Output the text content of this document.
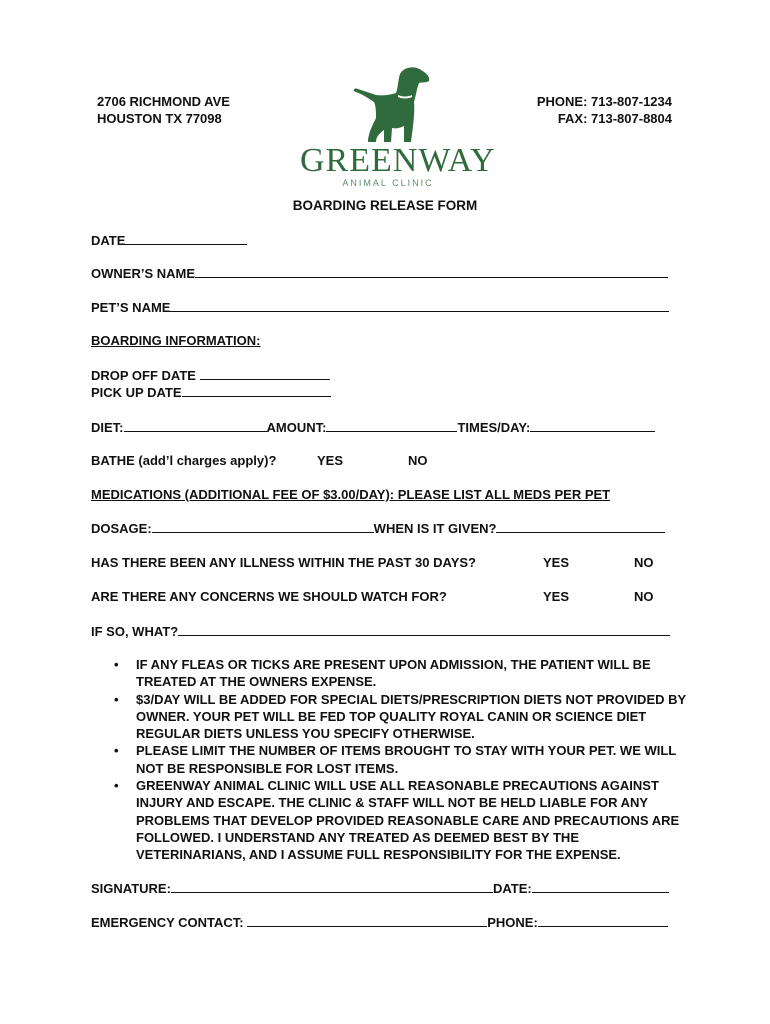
2706 RICHMOND AVE
HOUSTON TX 77098
PHONE: 713-807-1234
FAX: 713-807-8804
GREENWAY
ANIMAL CLINIC
BOARDING RELEASE FORM
DATE
OWNER’S NAME
PET’S NAME
BOARDING INFORMATION:
DROP OFF DATE
PICK UP DATE
DIET:	AMOUNT:	TIMES/DAY:
BATHE (add’l charges apply)?	YES	NO
MEDICATIONS (ADDITIONAL FEE OF $3.00/DAY): PLEASE LIST ALL MEDS PER PET
DOSAGE:	WHEN IS IT GIVEN?
HAS THERE BEEN ANY ILLNESS WITHIN THE PAST 30 DAYS?	YES	NO
ARE THERE ANY CONCERNS WE SHOULD WATCH FOR?	YES	NO
IF SO, WHAT?
• IF ANY FLEAS OR TICKS ARE PRESENT UPON ADMISSION, THE PATIENT WILL BE TREATED AT THE OWNERS EXPENSE.
• $3/DAY WILL BE ADDED FOR SPECIAL DIETS/PRESCRIPTION DIETS NOT PROVIDED BY OWNER. YOUR PET WILL BE FED TOP QUALITY ROYAL CANIN OR SCIENCE DIET REGULAR DIETS UNLESS YOU SPECIFY OTHERWISE.
• PLEASE LIMIT THE NUMBER OF ITEMS BROUGHT TO STAY WITH YOUR PET. WE WILL NOT BE RESPONSIBLE FOR LOST ITEMS.
• GREENWAY ANIMAL CLINIC WILL USE ALL REASONABLE PRECAUTIONS AGAINST INJURY AND ESCAPE. THE CLINIC & STAFF WILL NOT BE HELD LIABLE FOR ANY PROBLEMS THAT DEVELOP PROVIDED REASONABLE CARE AND PRECAUTIONS ARE FOLLOWED. I UNDERSTAND ANY TREATED AS DEEMED BEST BY THE VETERINARIANS, AND I ASSUME FULL RESPONSIBILITY FOR THE EXPENSE.
SIGNATURE:	DATE:
EMERGENCY CONTACT:	PHONE:
